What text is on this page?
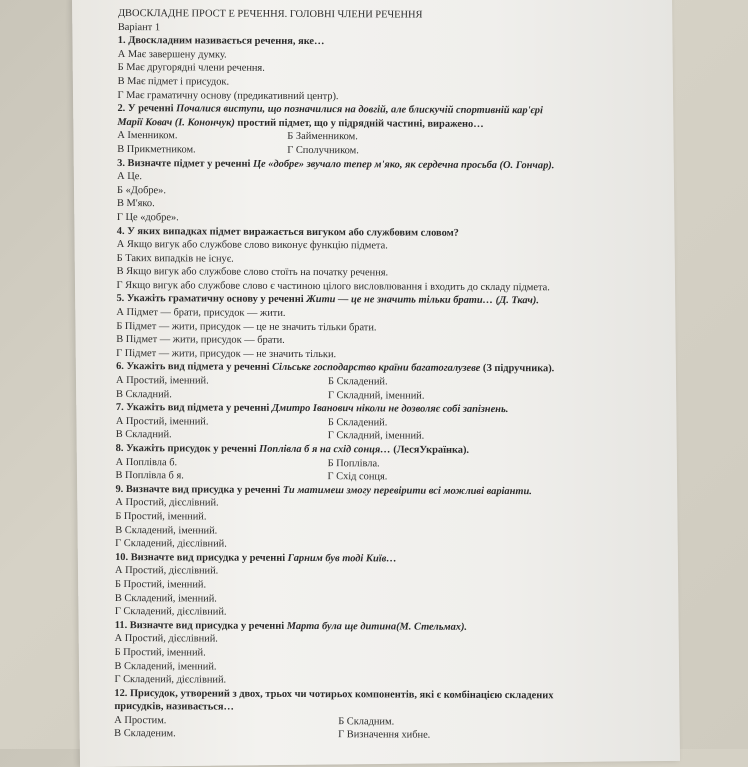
ДВОСКЛАДНЕ ПРОСТ Е РЕЧЕННЯ. ГОЛОВНІ ЧЛЕНИ РЕЧЕННЯ
Варіант 1
1. Двоскладним називається речення, яке…
А Має завершену думку.
Б Має другорядні члени речення.
В Має підмет і присудок.
Г Має граматичну основу (предикативний центр).
2. У реченні Почалися виступи, що позначилися на довгій, але блискучій спортивній кар'єрі
Марії Ковач (І. Конончук) простий підмет, що у підрядній частині, виражено…
А Іменником.	Б Займенником.
В Прикметником.	Г Сполучником.
3. Визначте підмет у реченні Це «добре» звучало тепер м'яко, як сердечна просьба (О. Гончар).
А Це.
Б «Добре».
В М'яко.
Г Це «добре».
4. У яких випадках підмет виражається вигуком або службовим словом?
А Якщо вигук або службове слово виконує функцію підмета.
Б Таких випадків не існує.
В Якщо вигук або службове слово стоїть на початку речення.
Г Якщо вигук або службове слово є частиною цілого висловлювання і входить до складу підмета.
5. Укажіть граматичну основу у реченні Жити — це не значить тільки брати… (Д. Ткач).
А Підмет — брати, присудок — жити.
Б Підмет — жити, присудок — це не значить тільки брати.
В Підмет — жити, присудок — брати.
Г Підмет — жити, присудок — не значить тільки.
6. Укажіть вид підмета у реченні Сільське господарство країни багатогалузеве (З підручника).
А Простий, іменний.	Б Складений.
В Складний.	Г Складний, іменний.
7. Укажіть вид підмета у реченні Дмитро Іванович ніколи не дозволяє собі запізнень.
А Простий, іменний.	Б Складений.
В Складний.	Г Складний, іменний.
8. Укажіть присудок у реченні Поплівла б я на схід сонця… (ЛесяУкраїнка).
А Поплівла б.	Б Поплівла.
В Поплівла б я.	Г Схід сонця.
9. Визначте вид присудка у реченні Ти матимеш змогу перевірити всі можливі варіанти.
А Простий, дієслівний.
Б Простий, іменний.
В Складений, іменний.
Г Складений, дієслівний.
10. Визначте вид присудка у реченні Гарним був тоді Київ…
А Простий, дієслівний.
Б Простий, іменний.
В Складений, іменний.
Г Складений, дієслівний.
11. Визначте вид присудка у реченні Марта була ще дитина(М. Стельмах).
А Простий, дієслівний.
Б Простий, іменний.
В Складений, іменний.
Г Складений, дієслівний.
12. Присудок, утворений з двох, трьох чи чотирьох компонентів, які є комбінацією складених
присудків, називається…
А Простим.	Б Складним.
В Складеним.	Г Визначення хибне.
